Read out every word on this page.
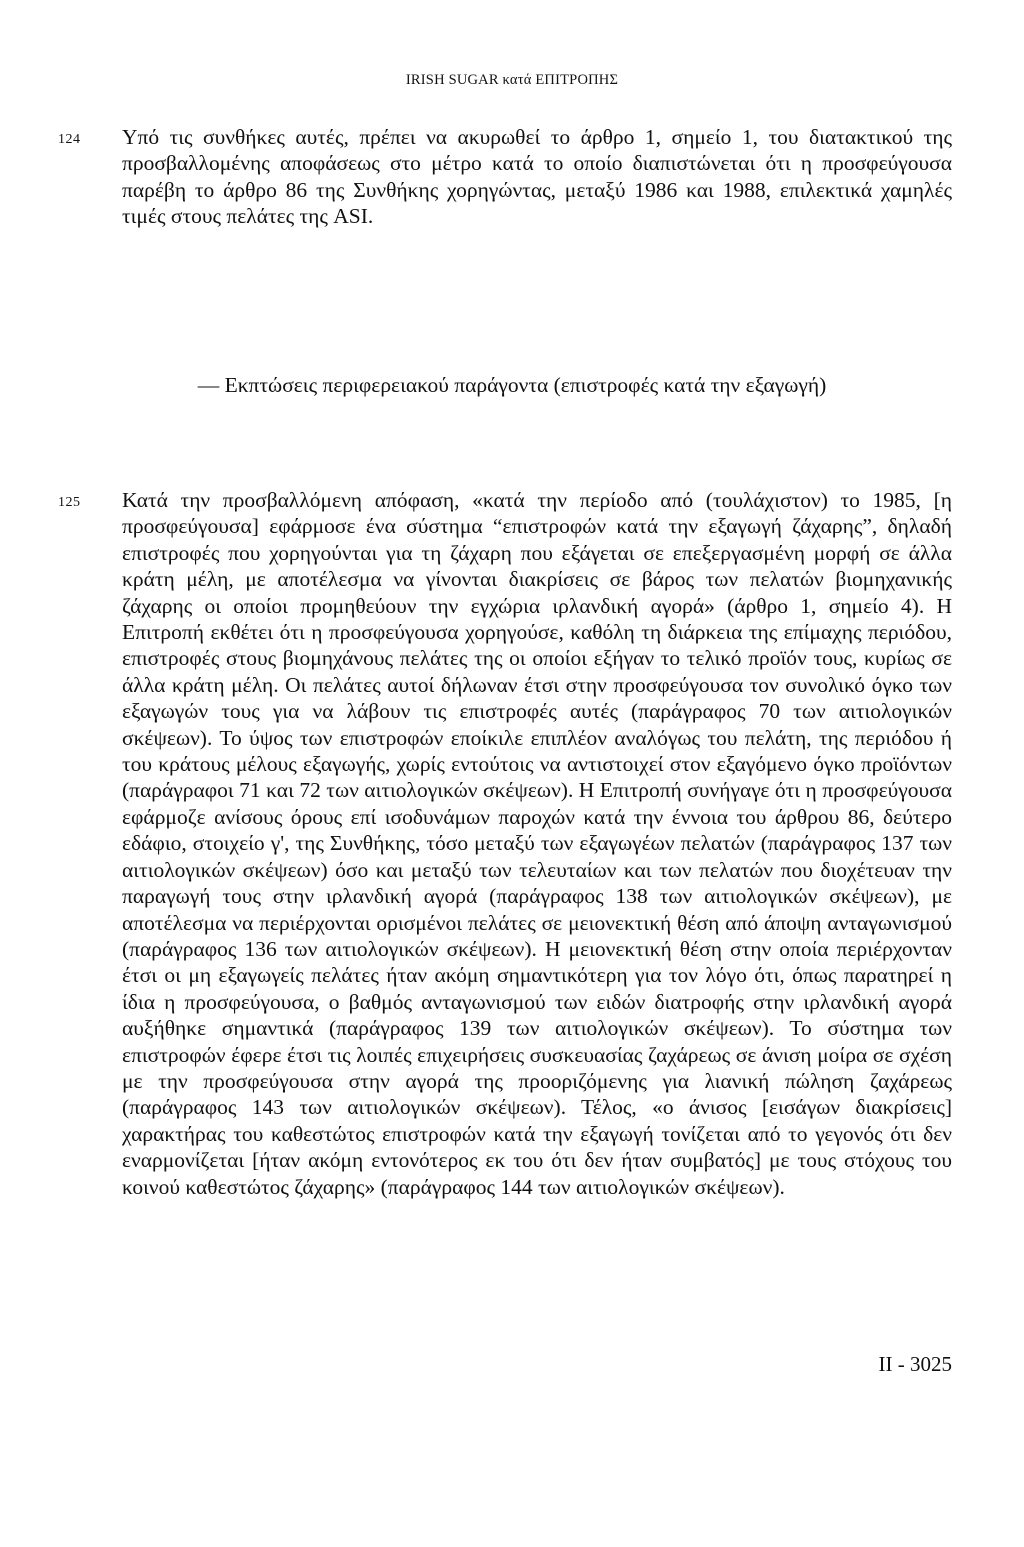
IRISH SUGAR κατά ΕΠΙΤΡΟΠΗΣ
124 Υπό τις συνθήκες αυτές, πρέπει να ακυρωθεί το άρθρο 1, σημείο 1, του διατακτικού της προσβαλλομένης αποφάσεως στο μέτρο κατά το οποίο διαπιστώνεται ότι η προσφεύγουσα παρέβη το άρθρο 86 της Συνθήκης χορηγώντας, μεταξύ 1986 και 1988, επιλεκτικά χαμηλές τιμές στους πελάτες της ASI.
— Εκπτώσεις περιφερειακού παράγοντα (επιστροφές κατά την εξαγωγή)
125 Κατά την προσβαλλόμενη απόφαση, «κατά την περίοδο από (τουλάχιστον) το 1985, [η προσφεύγουσα] εφάρμοσε ένα σύστημα “επιστροφών κατά την εξαγωγή ζάχαρης”, δηλαδή επιστροφές που χορηγούνται για τη ζάχαρη που εξάγεται σε επεξεργασμένη μορφή σε άλλα κράτη μέλη, με αποτέλεσμα να γίνονται διακρίσεις σε βάρος των πελατών βιομηχανικής ζάχαρης οι οποίοι προμηθεύουν την εγχώρια ιρλανδική αγορά» (άρθρο 1, σημείο 4). Η Επιτροπή εκθέτει ότι η προσφεύγουσα χορηγούσε, καθόλη τη διάρκεια της επίμαχης περιόδου, επιστροφές στους βιομηχάνους πελάτες της οι οποίοι εξήγαν το τελικό προϊόν τους, κυρίως σε άλλα κράτη μέλη. Οι πελάτες αυτοί δήλωναν έτσι στην προσφεύγουσα τον συνολικό όγκο των εξαγωγών τους για να λάβουν τις επιστροφές αυτές (παράγραφος 70 των αιτιολογικών σκέψεων). Το ύψος των επιστροφών εποίκιλε επιπλέον αναλόγως του πελάτη, της περιόδου ή του κράτους μέλους εξαγωγής, χωρίς εντούτοις να αντιστοιχεί στον εξαγόμενο όγκο προϊόντων (παράγραφοι 71 και 72 των αιτιολογικών σκέψεων). Η Επιτροπή συνήγαγε ότι η προσφεύγουσα εφάρμοζε ανίσους όρους επί ισοδυνάμων παροχών κατά την έννοια του άρθρου 86, δεύτερο εδάφιο, στοιχείο γ', της Συνθήκης, τόσο μεταξύ των εξαγωγέων πελατών (παράγραφος 137 των αιτιολογικών σκέψεων) όσο και μεταξύ των τελευταίων και των πελατών που διοχέτευαν την παραγωγή τους στην ιρλανδική αγορά (παράγραφος 138 των αιτιολογικών σκέψεων), με αποτέλεσμα να περιέρχονται ορισμένοι πελάτες σε μειονεκτική θέση από άποψη ανταγωνισμού (παράγραφος 136 των αιτιολογικών σκέψεων). Η μειονεκτική θέση στην οποία περιέρχονταν έτσι οι μη εξαγωγείς πελάτες ήταν ακόμη σημαντικότερη για τον λόγο ότι, όπως παρατηρεί η ίδια η προσφεύγουσα, ο βαθμός ανταγωνισμού των ειδών διατροφής στην ιρλανδική αγορά αυξήθηκε σημαντικά (παράγραφος 139 των αιτιολογικών σκέψεων). Το σύστημα των επιστροφών έφερε έτσι τις λοιπές επιχειρήσεις συσκευασίας ζαχάρεως σε άνιση μοίρα σε σχέση με την προσφεύγουσα στην αγορά της προοριζόμενης για λιανική πώληση ζαχάρεως (παράγραφος 143 των αιτιολογικών σκέψεων). Τέλος, «ο άνισος [εισάγων διακρίσεις] χαρακτήρας του καθεστώτος επιστροφών κατά την εξαγωγή τονίζεται από το γεγονός ότι δεν εναρμονίζεται [ήταν ακόμη εντονότερος εκ του ότι δεν ήταν συμβατός] με τους στόχους του κοινού καθεστώτος ζάχαρης» (παράγραφος 144 των αιτιολογικών σκέψεων).
II - 3025
